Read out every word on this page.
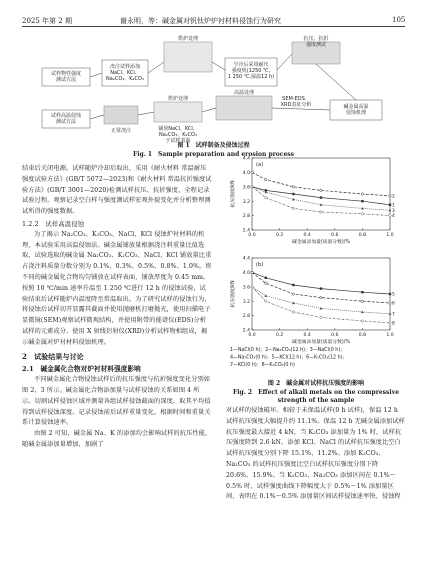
2025 年第 2 期	谢永明，等：碱金属对钒钛炉炉衬材料侵蚀行为研究	105
试样物性强度测试方法
浇注试样添加 NaCl、KCl、 Na₂CO₃、K₂CO₃
烘炉处理
空冷后采用耐压强度机(1250 ℃, 1 250 ℃,保温12 h)
抗压、抗折强度测试
试样高温侵蚀测试方法
正常浇注
烘炉处理
铺放NaCl、KCl、 Na₂CO₃、K₂CO₃ 于试样表面
高温处理
SEM-EDS、 XRD表征分析	碱金属高温侵蚀机理
图 1　试样制备及侵蚀过程
Fig. 1　Sample preparation and erosion process
结束后关闭电源。试样随炉冷却后取出，采用《耐火材料 常温耐压强度试验方法》(GB/T 5072—2023)和《耐火材料 常温抗折强度试验方法》(GB/T 3001—2020)检测试样抗压、抗折强度，全程记录试验过程。观察记录空白样与强度测试样宏观外貌变化并分析整理测试所得的强度数据。
1.2.2　试样高温侵蚀
为了揭示 Na₂CO₃、K₂CO₃、NaCl、KCl 侵蚀炉衬材料的机理，本试验采用高温侵蚀法。碱金属铺放量根据浇注料重量比值选取，试验选取的碱金属 Na₂CO₃、K₂CO₃、NaCl、KCl 铺放量比重占浇注料质量分数分别为 0.1%、0.3%、0.5%、0.8%、1.0%。将不同的碱金属化合物均匀铺放在试样表面，铺放厚度为 0.45 mm。按照 10 ℃/min 速率升温至 1 250 ℃进行 12 h 的侵蚀试验，试验结束后试样随炉内温度降至常温取出。为了研究试样的侵蚀行为，将侵蚀后试样切开显露其截面并使用抛磨机打磨抛光，使用扫描电子显微镜(SEM)观察试样微观结构，并使用附带的能谱仪(EDS)分析试样的元素成分。使用 X 射线衍射仪(XRD)分析试样物相组成，揭示碱金属对炉衬材料侵蚀机理。
2　试验结果与讨论
2.1　碱金属化合物对炉衬材料强度影响
不同碱金属化合物侵蚀试样后的抗压强度与抗折强度变化分别如图 2、3 所示。碱金属化合物添加量与试样侵蚀的关系如图 4 所示。切割试样侵蚀区域并测量各组试样侵蚀截面的深度，取其平均值得到试样侵蚀深度。记录侵蚀前后试样重量变化，根据时间和重量关系计算侵蚀速率。
由图 2 可知，碱金属 Na、K 的添加均会影响试样的抗压性能，随碱金属添加量增加，加剧了
2.4
2.8
3.2
3.6
4.0
4.4
0.0	0.2	0.4	0.6	0.8	1.0
(a)
碱金属添加量(质量分数)/%
抗压强度/kN	1
2
3
4
2.4
2.8
3.2
3.6
4.0
4.4
0.0	0.2	0.4	0.6	0.8	1.0
(b)
碱金属添加量(质量分数)/%
抗压强度/kN	5
6
7
8
1—NaCl(0 h)；2—Na₂CO₃(12 h)；3—NaCl(0 h)；
4—Na₂CO₃(0 h)；5—KCl(12 h)；6—K₂CO₃(12 h)；
7—KCl(0 h)；8—K₂CO₃(0 h)
图 2　碱金属对试样抗压强度的影响
Fig. 2　Effect of alkali metals on the compressive strength of the sample
对试样的侵蚀破坏。相较于未保温试样(0 h 试样)，保温 12 h 试样抗压强度大幅提升约 11.1%。保温 12 h 无碱金属添加试样抗压强度最大接近 4 kN，当 K₂CO₃ 添加量为 1% 时，试样抗压强度降到 2.6 kN。添加 KCl、NaCl 的试样抗压强度比空白试样抗压强度分别下降 15.1%、11.2%。添加 K₂CO₃、Na₂CO₃ 的试样抗压强度比空白试样抗压强度分别下降 20.6%、15.9%。当 K₂CO₃、Na₂CO₃ 添加区间在 0.1%～0.5% 时，试样强度曲线下降幅度大于 0.5%～1% 添加量区间，表明在 0.1%～0.5% 添加量区间试样侵蚀速率快、侵蚀程
